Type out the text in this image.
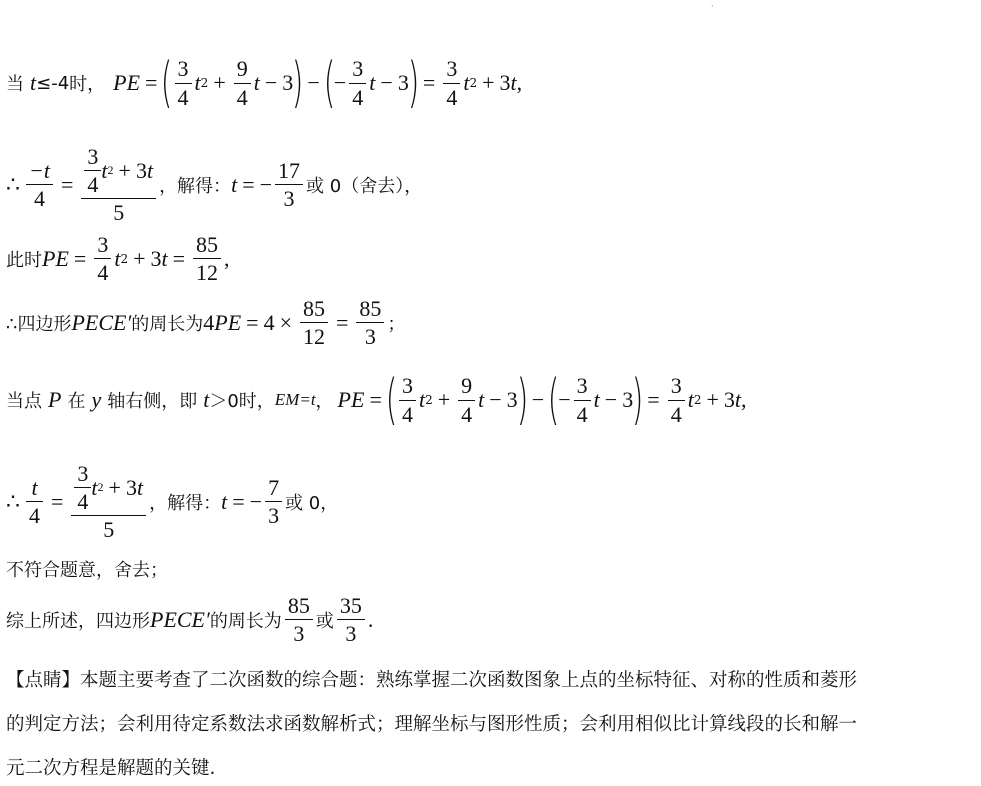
·
当 t ≤-4 时， PE = ( $\frac{3}{4}$ t $2 + \frac{9}{4}$ t − 3
) − (
− $\frac{3}{4}$ t − 3
) = $\frac{3}{4}$ t 2 + 3 t ,
∴ $\frac{-t}{4} = \frac{\frac{3}{4} t 2 + 3 t}{5}$ ，解得： t = − $\frac{17}{3}$ 或 0（舍去），
此时 PE = $\frac{3}{4}$ t 2 + 3 $t = \frac{85}{12}$ ,
∴四边形 PECE′ 的周长为 4 PE = $4 \times \frac{85}{12} = \frac{85}{3}$ ；
当点 P 在 y 轴右侧，即 t ＞0 时， EM=t ， PE = ( $\frac{3}{4}$ t $2 + \frac{9}{4}$ t − 3
) − (
− $\frac{3}{4}$ t − 3
) = $\frac{3}{4}$ t 2 + 3 t ,
∴ $\frac{t}{4} = \frac{\frac{3}{4} t 2 + 3 t}{5}$ ，解得： t = − $\frac{7}{3}$ 或 0，
不符合题意，舍去；
综上所述，四边形 PECE′ 的周长为 $\frac{85}{3}$ 或 $\frac{35}{3}$ .
【点睛】本题主要考查了二次函数的综合题：熟练掌握二次函数图象上点的坐标特征、对称的性质和菱形
的判定方法；会利用待定系数法求函数解析式；理解坐标与图形性质；会利用相似比计算线段的长和解一
元二次方程是解题的关键.
